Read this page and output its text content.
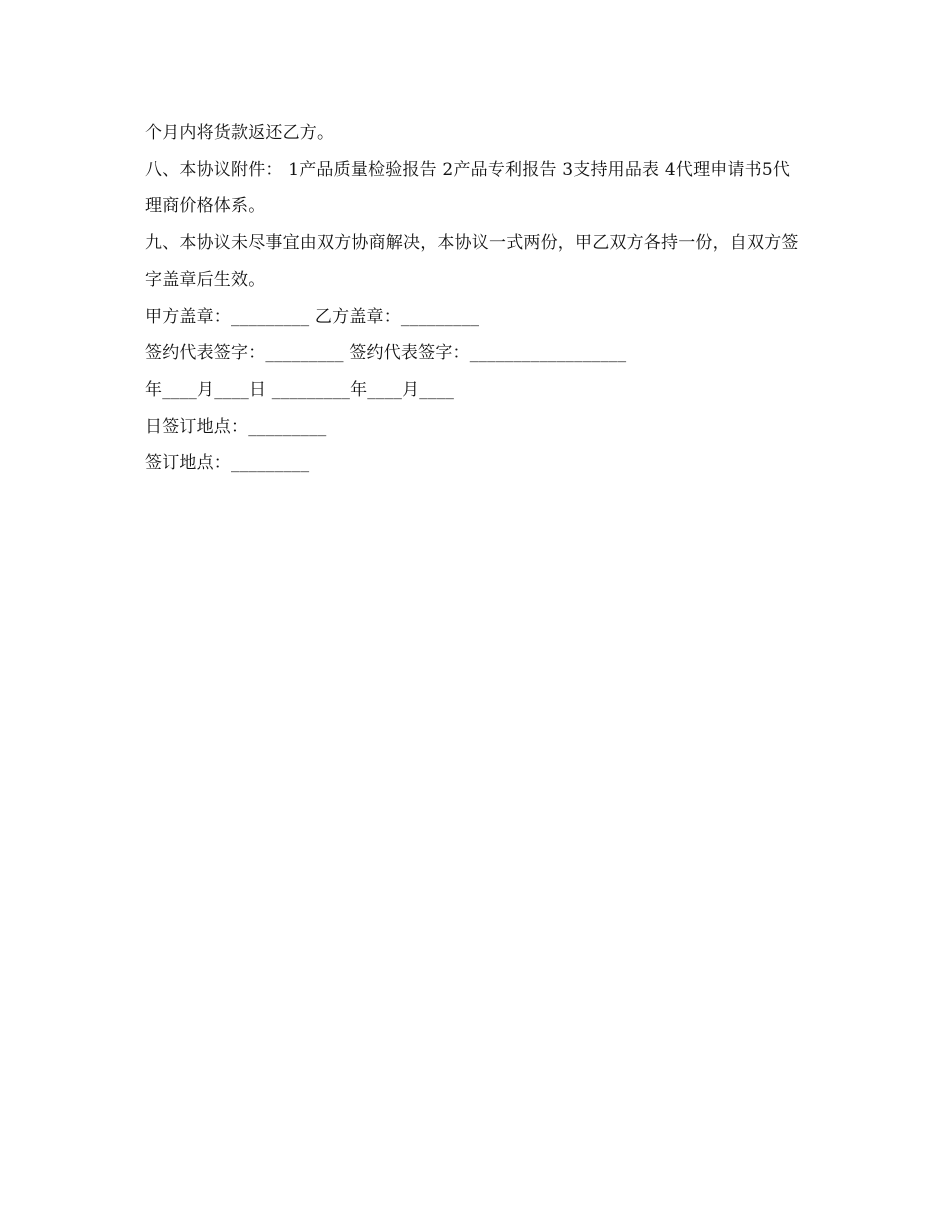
个月内将货款返还乙方。
八、本协议附件： 1产品质量检验报告 2产品专利报告 3支持用品表 4代理申请书5代理商价格体系。
九、本协议未尽事宜由双方协商解决，本协议一式两份，甲乙双方各持一份，自双方签字盖章后生效。
甲方盖章：_________ 乙方盖章：_________
签约代表签字：_________ 签约代表签字：__________________
年____月____日 _________年____月____
日签订地点：_________
签订地点：_________
